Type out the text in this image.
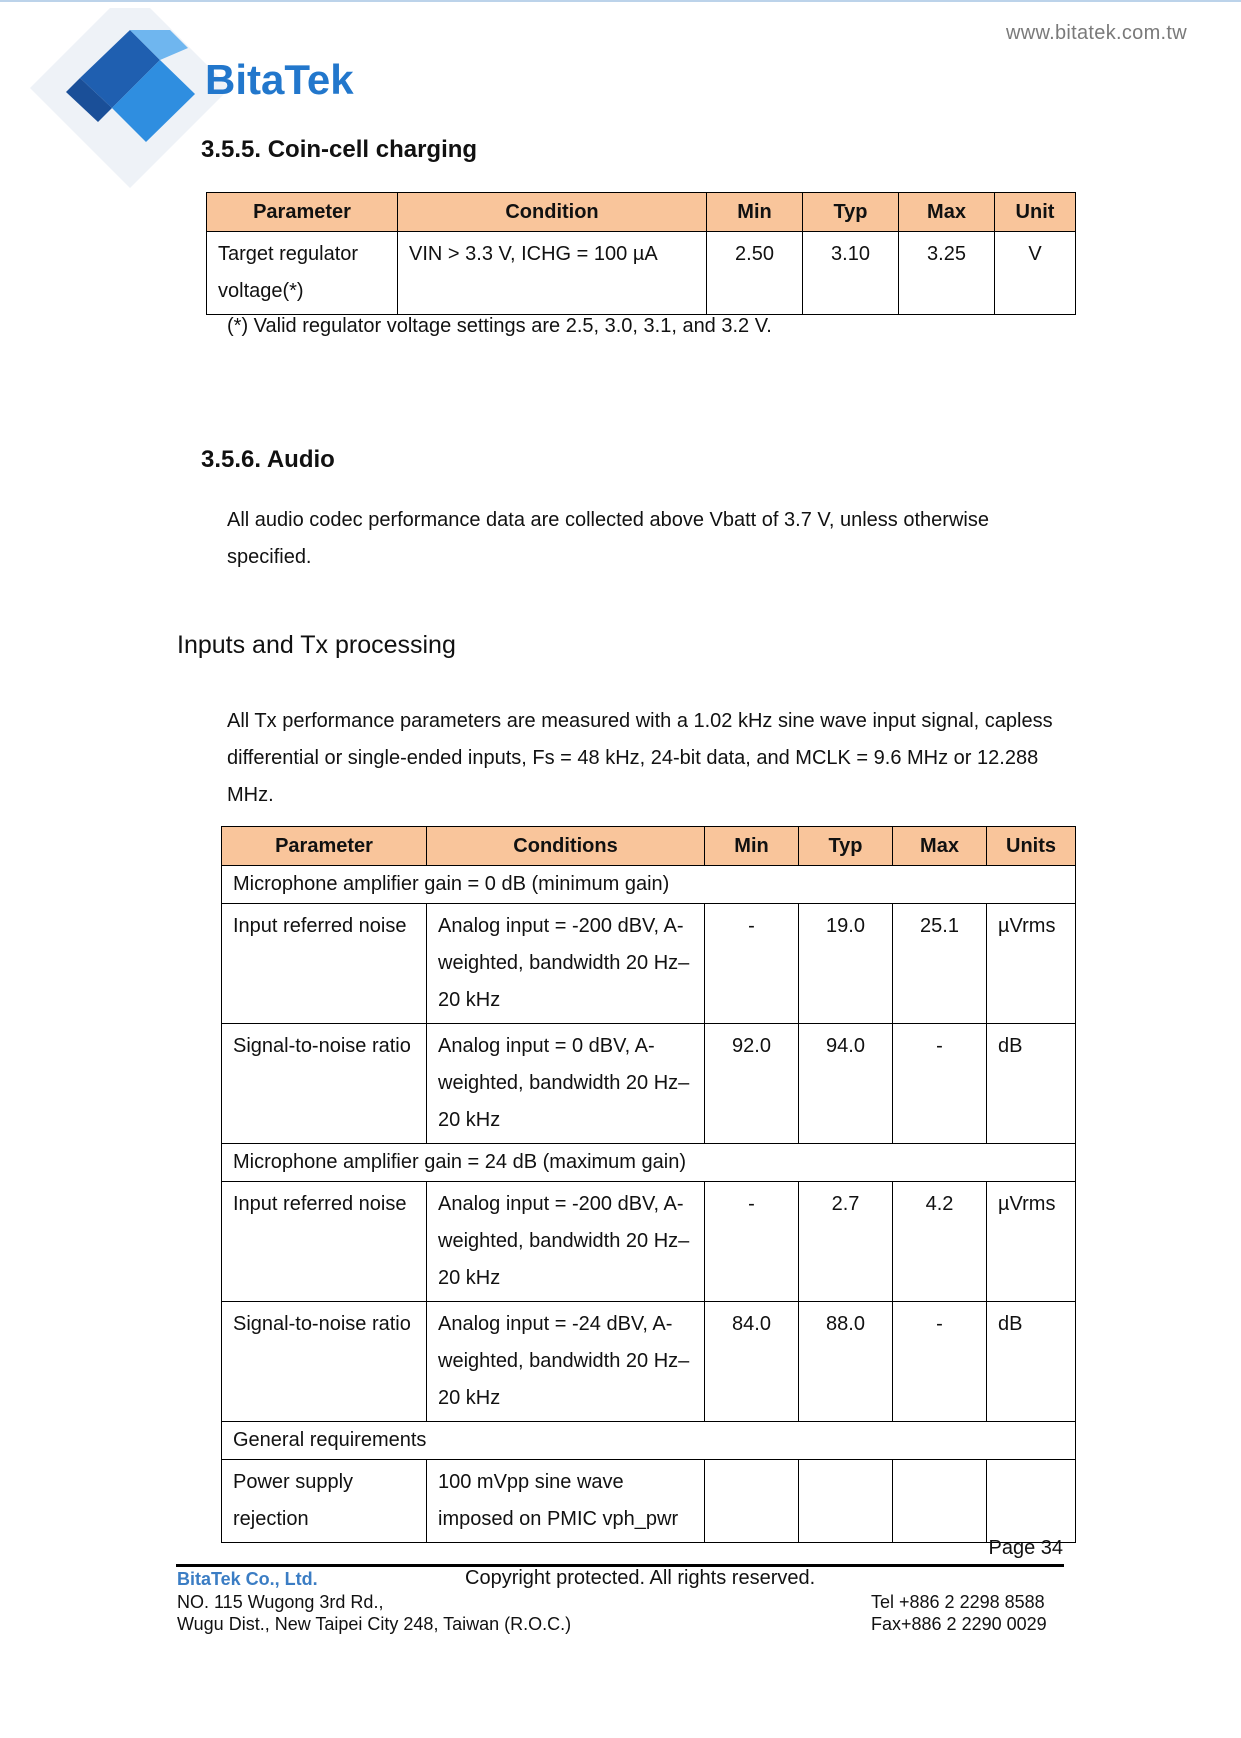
BitaTek
www.bitatek.com.tw
3.5.5. Coin-cell charging
Parameter	Condition	Min	Typ	Max	Unit
Target regulator voltage(*)	VIN > 3.3 V, ICHG = 100 µA	2.50	3.10	3.25	V
(*) Valid regulator voltage settings are 2.5, 3.0, 3.1, and 3.2 V.
3.5.6. Audio
All audio codec performance data are collected above Vbatt of 3.7 V, unless otherwise specified.
Inputs and Tx processing
All Tx performance parameters are measured with a 1.02 kHz sine wave input signal, capless differential or single-ended inputs, Fs = 48 kHz, 24-bit data, and MCLK = 9.6 MHz or 12.288 MHz.
Parameter	Conditions	Min	Typ	Max	Units
Microphone amplifier gain = 0 dB (minimum gain)					
Input referred noise	Analog input = -200 dBV, A-weighted, bandwidth 20 Hz–20 kHz	-	19.0	25.1	µVrms
Signal-to-noise ratio	Analog input = 0 dBV, A-weighted, bandwidth 20 Hz–20 kHz	92.0	94.0	-	dB
Microphone amplifier gain = 24 dB (maximum gain)					
Input referred noise	Analog input = -200 dBV, A-weighted, bandwidth 20 Hz–20 kHz	-	2.7	4.2	µVrms
Signal-to-noise ratio	Analog input = -24 dBV, A-weighted, bandwidth 20 Hz–20 kHz	84.0	88.0	-	dB
General requirements					
Power supply rejection	100 mVpp sine wave imposed on PMIC vph_pwr				
Page 34
BitaTek Co., Ltd.	Copyright protected. All rights reserved.
NO. 115 Wugong 3rd Rd.,
Wugu Dist., New Taipei City 248, Taiwan (R.O.C.)
Tel +886 2 2298 8588
Fax+886 2 2290 0029
